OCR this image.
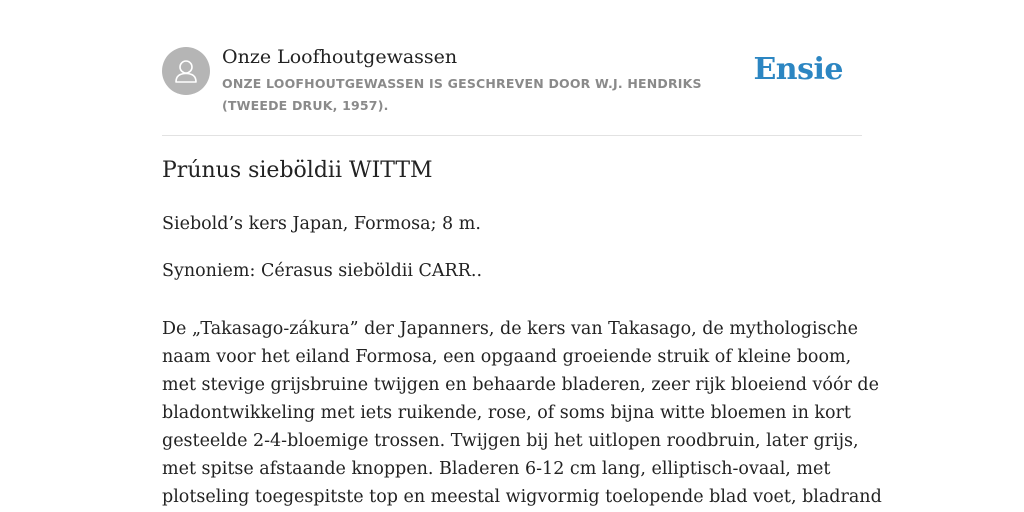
Onze Loofhoutgewassen
ONZE LOOFHOUTGEWASSEN IS GESCHREVEN DOOR W.J. HENDRIKS (TWEEDE DRUK, 1957).
Ensie
Prúnus sieböldii WITTM

Siebold’s kers Japan, Formosa; 8 m.

Synoniem: Cérasus sieböldii CARR..

De „Takasago-zákura” der Japanners, de kers van Takasago, de mythologische
naam voor het eiland Formosa, een opgaand groeiende struik of kleine boom,
met stevige grijsbruine twijgen en behaarde bladeren, zeer rijk bloeiend vóór de
bladontwikkeling met iets ruikende, rose, of soms bijna witte bloemen in kort
gesteelde 2-4-bloemige trossen. Twijgen bij het uitlopen roodbruin, later grijs,
met spitse afstaande knoppen. Bladeren 6-12 cm lang, elliptisch-ovaal, met
plotseling toegespitste top en meestal wigvormig toelopende blad voet, bladrand
